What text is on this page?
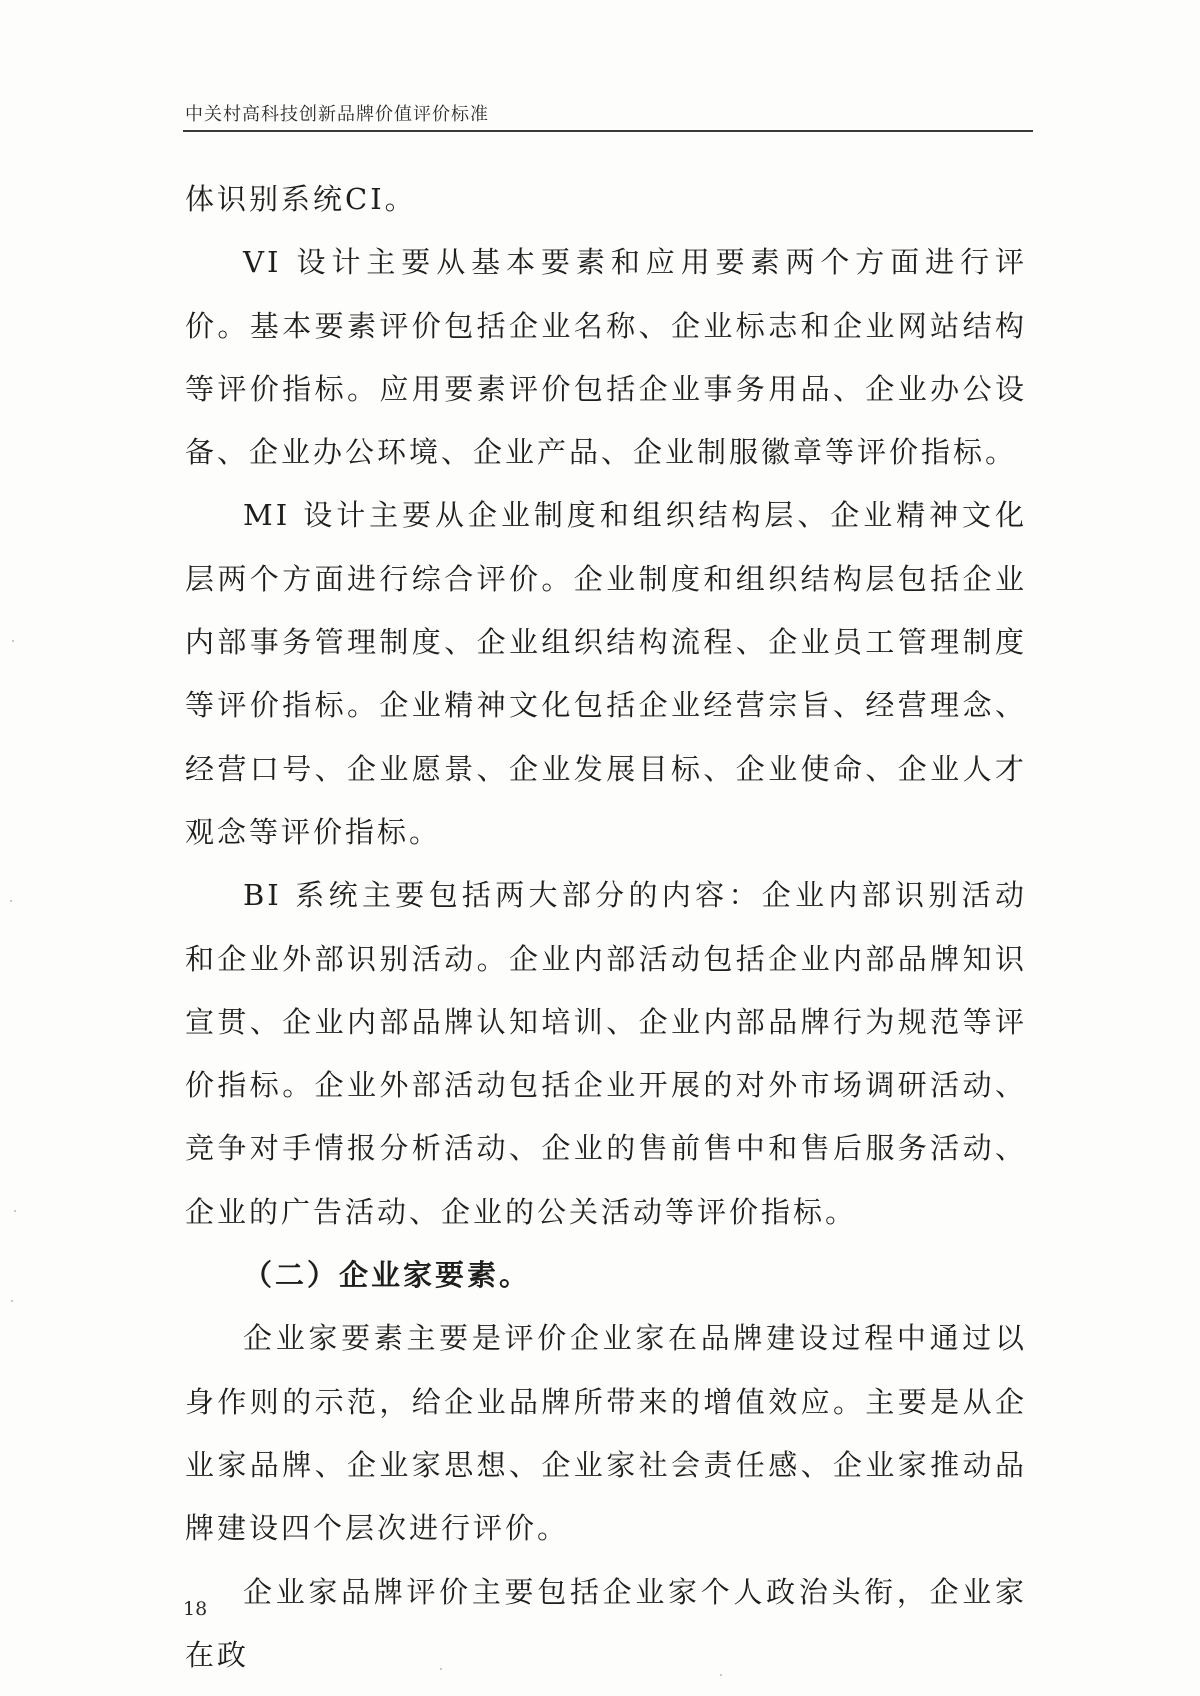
中关村高科技创新品牌价值评价标准

体识别系统CI。

VI 设计主要从基本要素和应用要素两个方面进行评价。基本要素评价包括企业名称、企业标志和企业网站结构等评价指标。应用要素评价包括企业事务用品、企业办公设备、企业办公环境、企业产品、企业制服徽章等评价指标。

MI 设计主要从企业制度和组织结构层、企业精神文化层两个方面进行综合评价。企业制度和组织结构层包括企业内部事务管理制度、企业组织结构流程、企业员工管理制度等评价指标。企业精神文化包括企业经营宗旨、经营理念、经营口号、企业愿景、企业发展目标、企业使命、企业人才观念等评价指标。

BI 系统主要包括两大部分的内容：企业内部识别活动和企业外部识别活动。企业内部活动包括企业内部品牌知识宣贯、企业内部品牌认知培训、企业内部品牌行为规范等评价指标。企业外部活动包括企业开展的对外市场调研活动、竞争对手情报分析活动、企业的售前售中和售后服务活动、企业的广告活动、企业的公关活动等评价指标。

（二）企业家要素。

企业家要素主要是评价企业家在品牌建设过程中通过以身作则的示范，给企业品牌所带来的增值效应。主要是从企业家品牌、企业家思想、企业家社会责任感、企业家推动品牌建设四个层次进行评价。

企业家品牌评价主要包括企业家个人政治头衔，企业家在政

18
